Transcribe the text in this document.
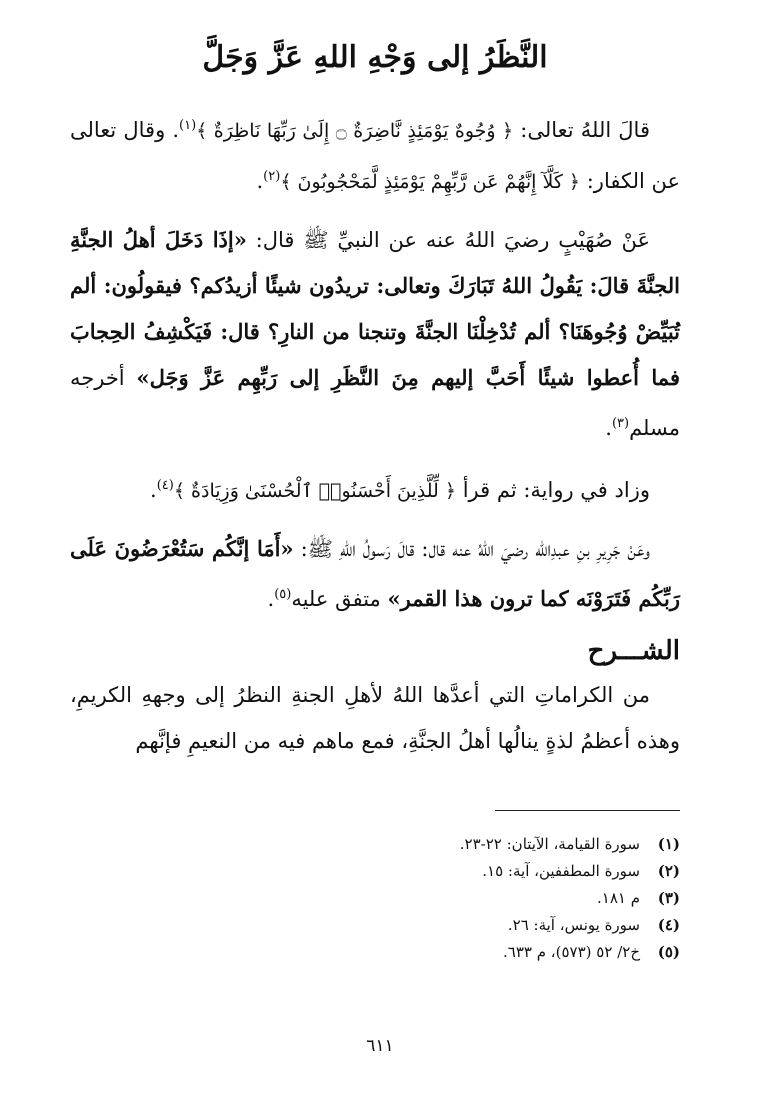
النَّظَرُ إلى وَجْهِ اللهِ عَزَّ وَجَلَّ

قالَ اللهُ تعالى: ﴿ وُجُوهٌ يَوْمَئِذٍ نَّاضِرَةٌ ۝ إِلَىٰ رَبِّهَا نَاظِرَةٌ ﴾$^{(١)}$. وقال تعالى عن الكفار: ﴿ كَلَّآ إِنَّهُمْ عَن رَّبِّهِمْ يَوْمَئِذٍ لَّمَحْجُوبُونَ ﴾$^{(٢)}$.

عَنْ صُهَيْبٍ رضيَ اللهُ عنه عن النبيِّ ﷺ قال: «إذَا دَخَلَ أهلُ الجنَّةِ الجنَّةَ قالَ: يَقُولُ اللهُ تَبَارَكَ وتعالى: تريدُون شيئًا أزيدُكم؟ فيقولُون: ألم تُبَيِّضْ وُجُوهَنَا؟ ألم تُدْخِلْنَا الجنَّةَ وتنجنا من النارِ؟ قال: فَيَكْشِفُ الحِجابَ فما أُعطوا شيئًا أَحَبَّ إليهم مِنَ النَّظَرِ إلى رَبِّهِم عَزَّ وَجَل» أخرجه مسلم$^{(٣)}$.

وزاد في رواية: ثم قرأ ﴿ لِّلَّذِينَ أَحْسَنُوا۟ ٱلْحُسْنَىٰ وَزِيَادَةٌ ﴾$^{(٤)}$.

وعَنْ جَرِيرِ بنِ عبدِالله رضيَ اللهُ عنه قال: قالَ رَسولُ اللهِ ﷺ: «أَمَا إنَّكُم سَتُعْرَضُونَ عَلَى رَبِّكُم فَتَرَوْنَه كما ترون هذا القمر» متفق عليه$^{(٥)}$.

الشـــرح

من الكراماتِ التي أعدَّها اللهُ لأهلِ الجنةِ النظرُ إلى وجههِ الكريمِ، وهذه أعظمُ لذةٍ ينالُها أهلُ الجنَّةِ، فمع ماهم فيه من النعيمِ فإنَّهم

(١)
سورة القيامة، الآيتان: ٢٢-٢٣.
(٢)
سورة المطففين، آية: ١٥.
(٣)
م ١٨١.
(٤)
سورة يونس، آية: ٢٦.
(٥)
خ٢/ ٥٢ (٥٧٣)، م ٦٣٣.
٦١١
